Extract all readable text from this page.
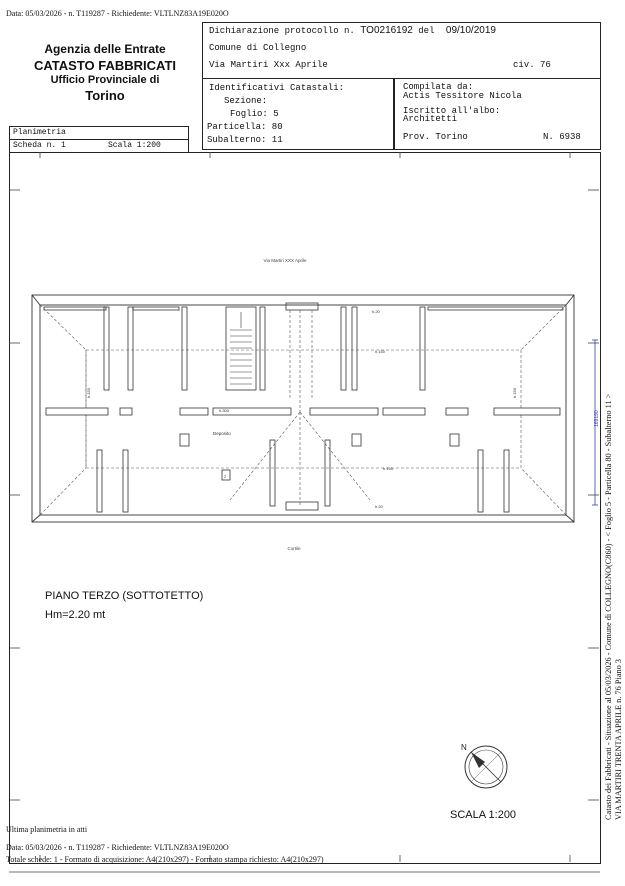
Data: 05/03/2026 - n. T119287 - Richiedente: VLTLNZ83A19E020O
Agenzia delle Entrate
CATASTO FABBRICATI
Ufficio Provinciale di
Torino
Dichiarazione protocollo n. TO0216192 del 09/10/2019
Comune di Collegno
Via Martiri Xxx Aprile	civ. 76
Identificativi Catastali:
Sezione:
Foglio: 5
Particella: 80
Subalterno: 11
Compilata da:
Actis Tessitore Nicola
Iscritto all'albo:
Architetti
Prov. Torino	N. 6938
Planimetria
Scheda n. 1	Scala 1:200
Via Martiri XXX Aprile
Deposito
2
h.20
h.150
h.300
h.150
h.20
h.150	h.150
Cortile
PIANO TERZO (SOTTOTETTO)
Hm=2.20 mt
N
SCALA 1:200	Catasto dei Fabbricati - Situazione al 05/03/2026 - Comune di COLLEGNO(C860) - < Foglio 5 - Particella 80 - Subalterno 11 > VIA MARTIRI TRENTA APRILE n. 76 Piano 3
169190
Ultima planimetria in atti
Data: 05/03/2026 - n. T119287 - Richiedente: VLTLNZ83A19E020O
Totale schede: 1 - Formato di acquisizione: A4(210x297) - Formato stampa richiesto: A4(210x297)
